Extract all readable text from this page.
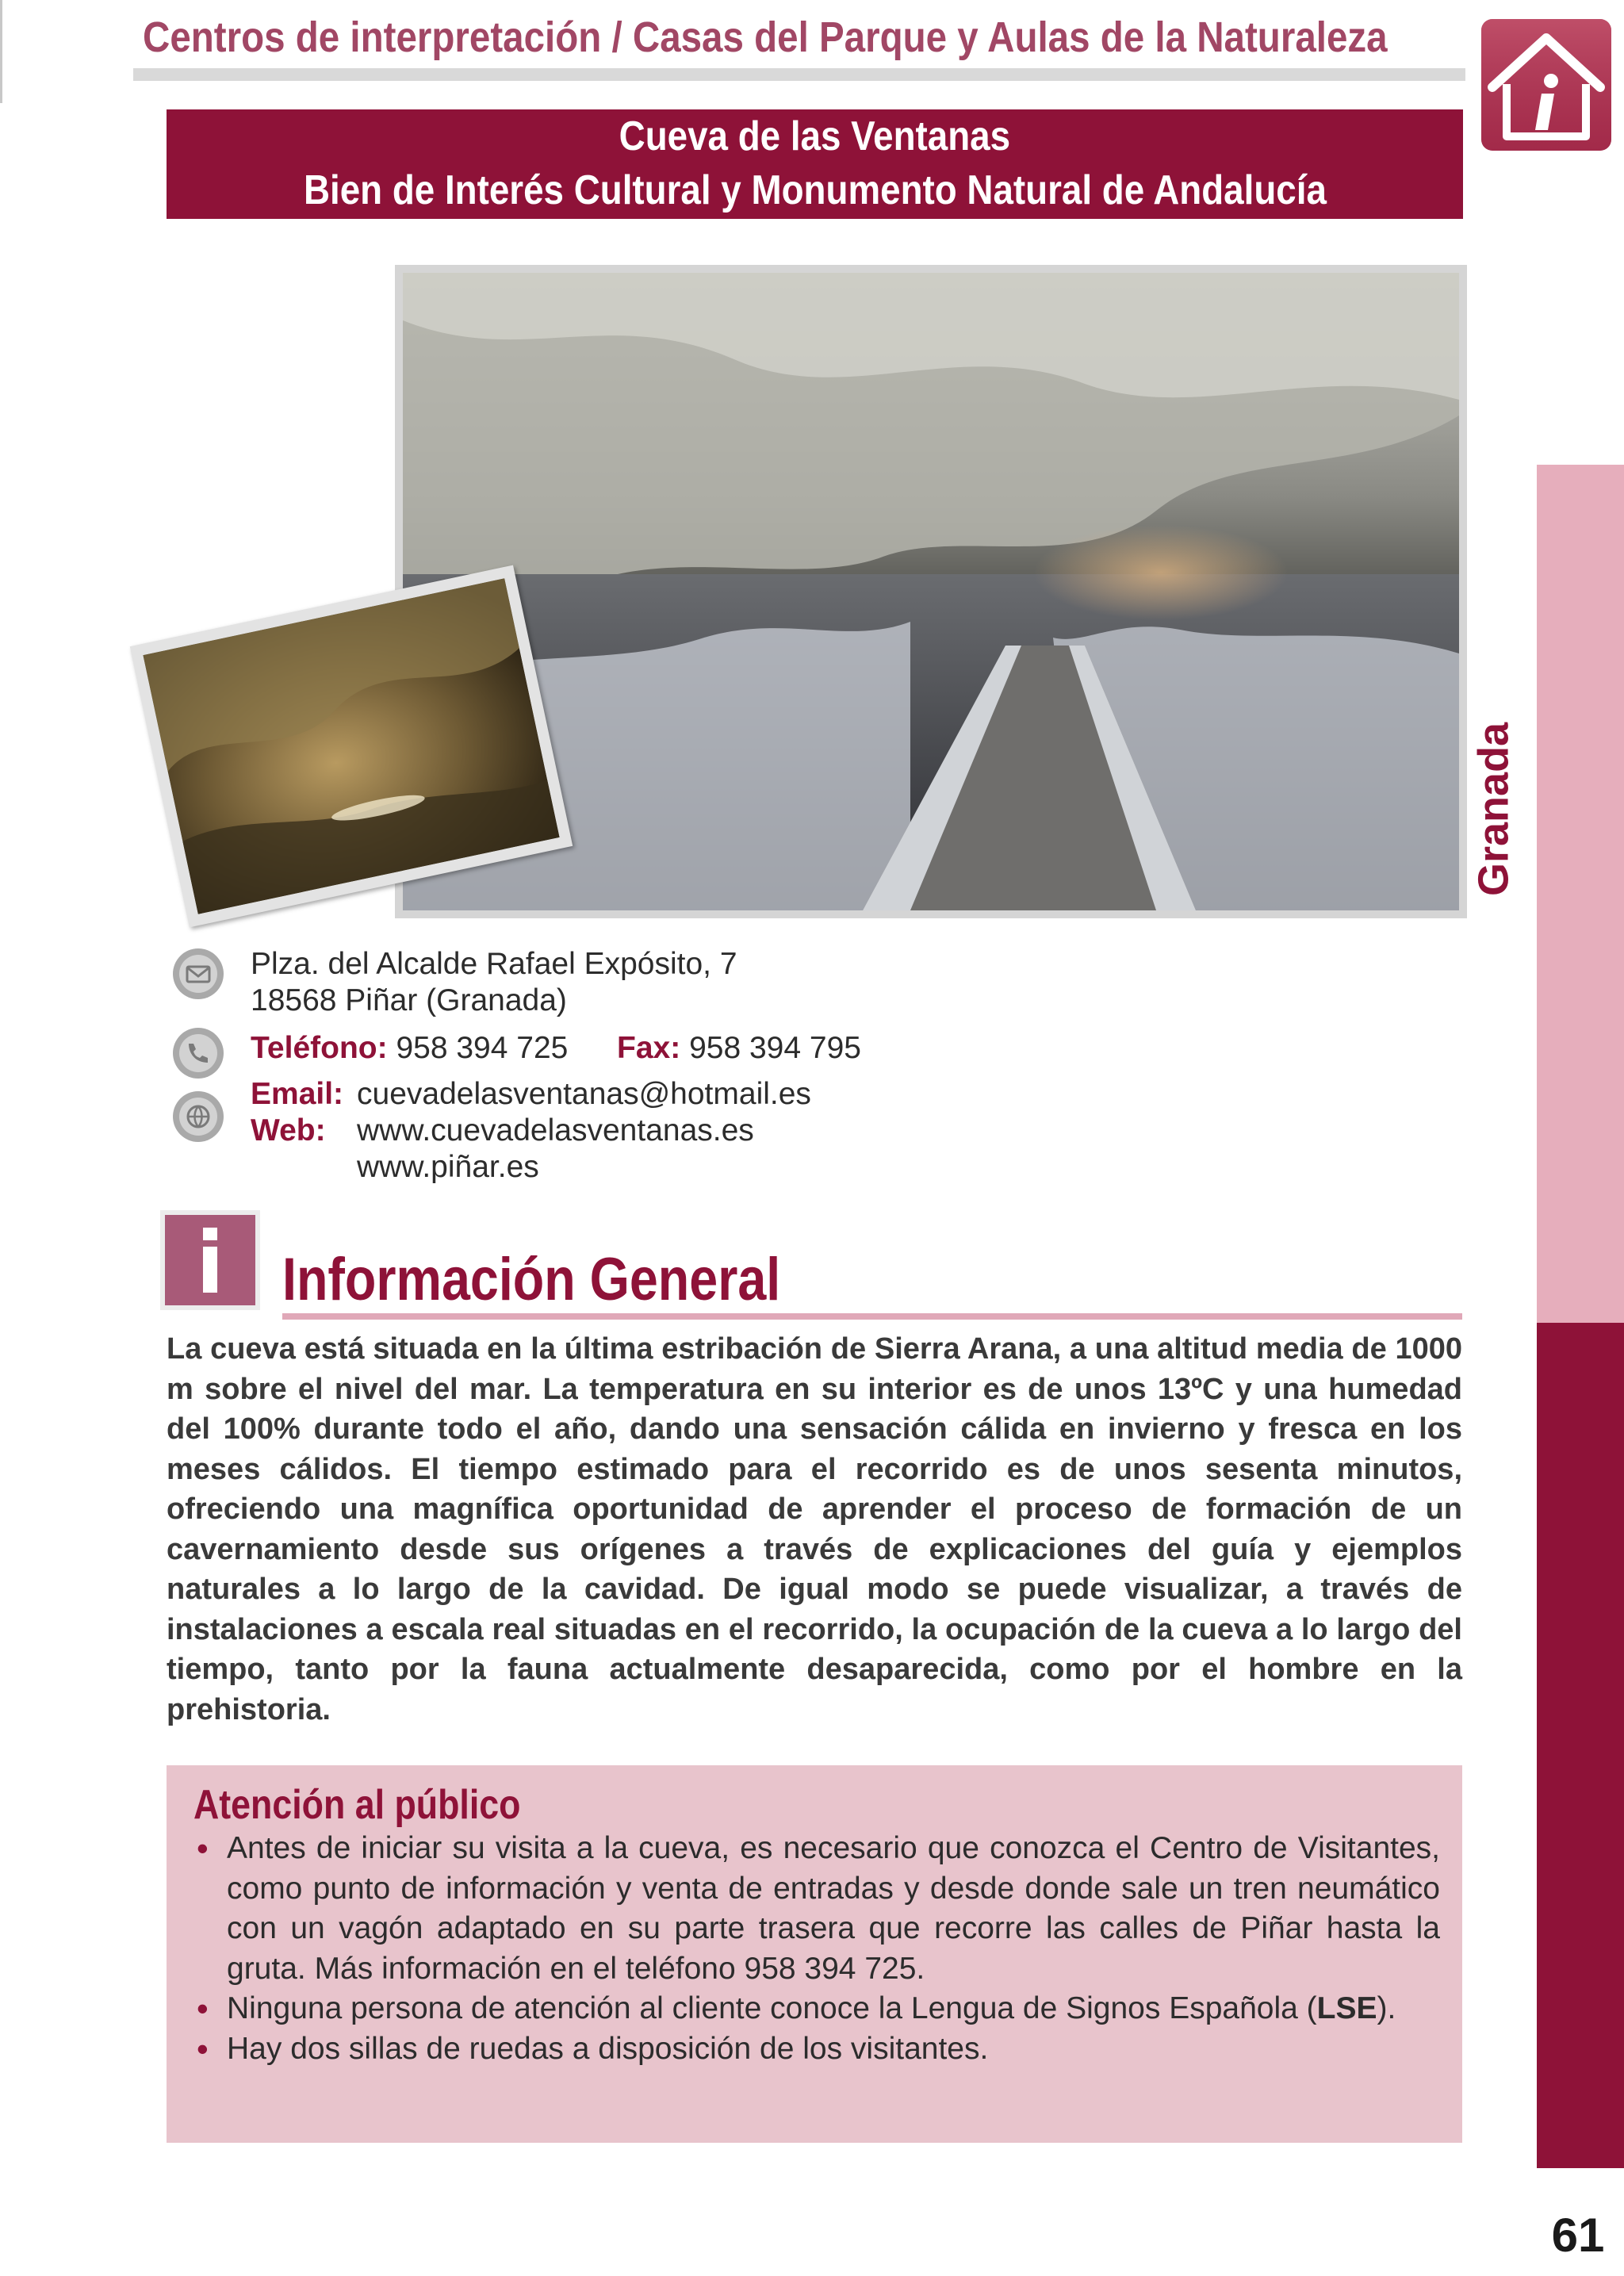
Centros de interpretación / Casas del Parque y Aulas de la Naturaleza
Cueva de las Ventanas
Bien de Interés Cultural y Monumento Natural de Andalucía
Plza. del Alcalde Rafael Expósito, 7
18568 Piñar (Granada)
Teléfono: 958 394 725 Fax: 958 394 795
Email: cuevadelasventanas@hotmail.es
Web: www.cuevadelasventanas.es
www.piñar.es
Información General

La cueva está situada en la última estribación de Sierra Arana, a una altitud media de 1000 m sobre el nivel del mar. La temperatura en su interior es de unos 13ºC y una humedad del 100% durante todo el año, dando una sensación cálida en invierno y fresca en los meses cálidos. El tiempo estimado para el recorrido es de unos sesenta minutos, ofreciendo una magnífica oportunidad de aprender el proceso de formación de un cavernamiento desde sus orígenes a través de explicaciones del guía y ejemplos naturales a lo largo de la cavidad. De igual modo se puede visualizar, a través de instalaciones a escala real situadas en el recorrido, la ocupación de la cueva a lo largo del tiempo, tanto por la fauna actualmente desaparecida, como por el hombre en la prehistoria.

Atención al público
• Antes de iniciar su visita a la cueva, es necesario que conozca el Centro de Visitantes, como punto de información y venta de entradas y desde donde sale un tren neumático con un vagón adaptado en su parte trasera que recorre las calles de Piñar hasta la gruta. Más información en el teléfono 958 394 725.
• Ninguna persona de atención al cliente conoce la Lengua de Signos Española (LSE).
• Hay dos sillas de ruedas a disposición de los visitantes.
Granada
Andalucía
61
